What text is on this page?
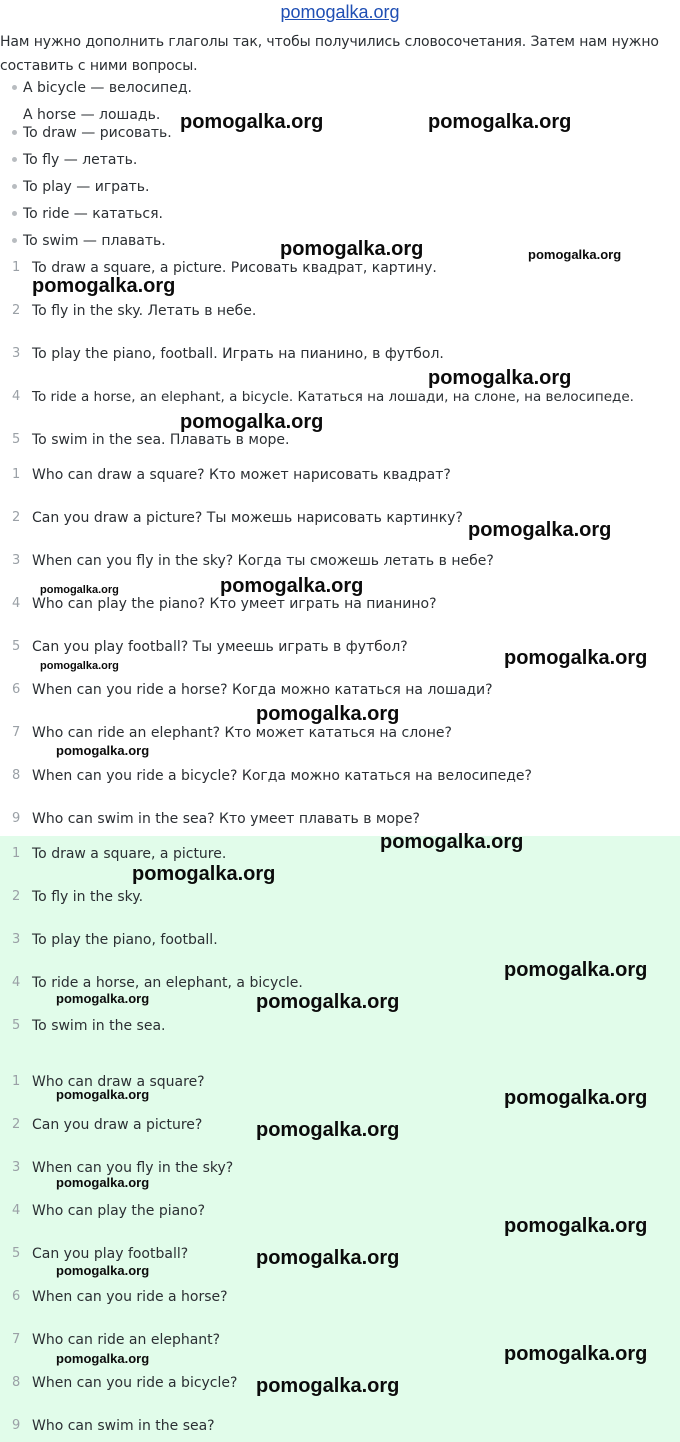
pomogalka.org
Нам нужно дополнить глаголы так, чтобы получились словосочетания. Затем нам нужно составить с ними вопросы.
A bicycle — велосипед.
A horse — лошадь.
To draw — рисовать.
To fly — летать.
To play — играть.
To ride — кататься.
To swim — плавать.
1 To draw a square, a picture. Рисовать квадрат, картину.
2 To fly in the sky. Летать в небе.
3 To play the piano, football. Играть на пианино, в футбол.
4 To ride a horse, an elephant, a bicycle. Кататься на лошади, на слоне, на велосипеде.
5 To swim in the sea. Плавать в море.
1 Who can draw a square? Кто может нарисовать квадрат?
2 Can you draw a picture? Ты можешь нарисовать картинку?
3 When can you fly in the sky? Когда ты сможешь летать в небе?
4 Who can play the piano? Кто умеет играть на пианино?
5 Can you play football? Ты умеешь играть в футбол?
6 When can you ride a horse? Когда можно кататься на лошади?
7 Who can ride an elephant? Кто может кататься на слоне?
8 When can you ride a bicycle? Когда можно кататься на велосипеде?
9 Who can swim in the sea? Кто умеет плавать в море?
1 To draw a square, a picture.
2 To fly in the sky.
3 To play the piano, football.
4 To ride a horse, an elephant, a bicycle.
5 To swim in the sea.
1 Who can draw a square?
2 Can you draw a picture?
3 When can you fly in the sky?
4 Who can play the piano?
5 Can you play football?
6 When can you ride a horse?
7 Who can ride an elephant?
8 When can you ride a bicycle?
9 Who can swim in the sea?
pomogalka.org	pomogalka.org
pomogalka.org	pomogalka.org
pomogalka.org
pomogalka.org
pomogalka.org
pomogalka.org
pomogalka.org	pomogalka.org
pomogalka.org
pomogalka.org
pomogalka.org
pomogalka.org
pomogalka.org
pomogalka.org
pomogalka.org
pomogalka.org	pomogalka.org
pomogalka.org	pomogalka.org
pomogalka.org
pomogalka.org
pomogalka.org
pomogalka.org
pomogalka.org
pomogalka.org	pomogalka.org
pomogalka.org
